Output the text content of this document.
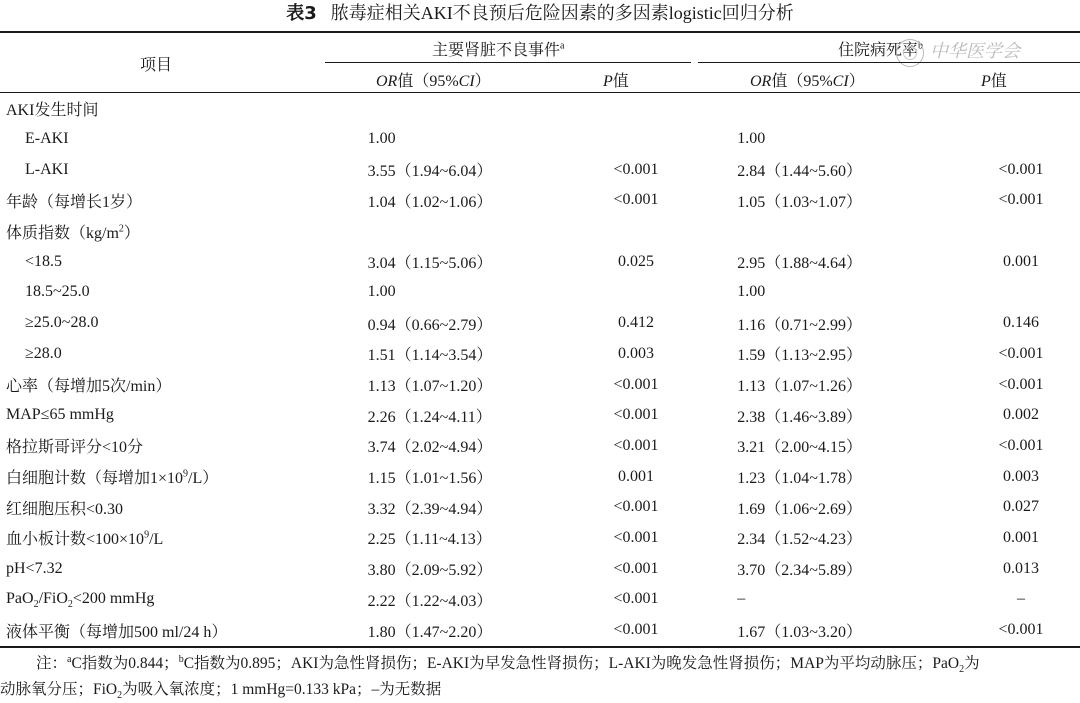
表3 脓毒症相关AKI不良预后危险因素的多因素logistic回归分析
项目
主要肾脏不良事件$^a$	住院病死率$^b$ 中华医学会
OR值（95%CI）	P值	OR值（95%CI）	P值
AKI发生时间				
E-AKI	1.00		1.00	
L-AKI	3.55（1.94~6.04）	<0.001	2.84（1.44~5.60）	<0.001
年龄（每增长1岁）	1.04（1.02~1.06）	<0.001	1.05（1.03~1.07）	<0.001
体质指数$(kg/m^2)$				
<18.5	3.04（1.15~5.06）	0.025	2.95（1.88~4.64）	0.001
18.5~25.0	1.00		1.00	
≥25.0~28.0	0.94（0.66~2.79）	0.412	1.16（0.71~2.99）	0.146
≥28.0	1.51（1.14~3.54）	0.003	1.59（1.13~2.95）	<0.001
心率（每增加5次/min）	1.13（1.07~1.20）	<0.001	1.13（1.07~1.26）	<0.001
MAP≤65 mmHg	2.26（1.24~4.11）	<0.001	2.38（1.46~3.89）	0.002
格拉斯哥评分<10分	3.74（2.02~4.94）	<0.001	3.21（2.00~4.15）	<0.001
白细胞计数（每增加$1\times 10^9/L$）	1.15（1.01~1.56）	0.001	1.23（1.04~1.78）	0.003
红细胞压积<0.30	3.32（2.39~4.94）	<0.001	1.69（1.06~2.69）	0.027
血小板计数$<100\times 10^9/L$	2.25（1.11~4.13）	<0.001	2.34（1.52~4.23）	0.001
pH<7.32	3.80（2.09~5.92）	<0.001	3.70（2.34~5.89）	0.013
PaO$_2$/FiO$_2$<200 mmHg	2.22（1.22~4.03）	<0.001	–	–
液体平衡（每增加500 ml/24 h）	1.80（1.47~2.20）	<0.001	1.67（1.03~3.20）	<0.001
注：$^a$C指数为0.844；$^b$C指数为0.895；AKI为急性肾损伤；E-AKI为早发急性肾损伤；L-AKI为晚发急性肾损伤；MAP为平均动脉压；PaO$_2$为
动脉氧分压；FiO$_2$为吸入氧浓度；1 mmHg=0.133 kPa；–为无数据
